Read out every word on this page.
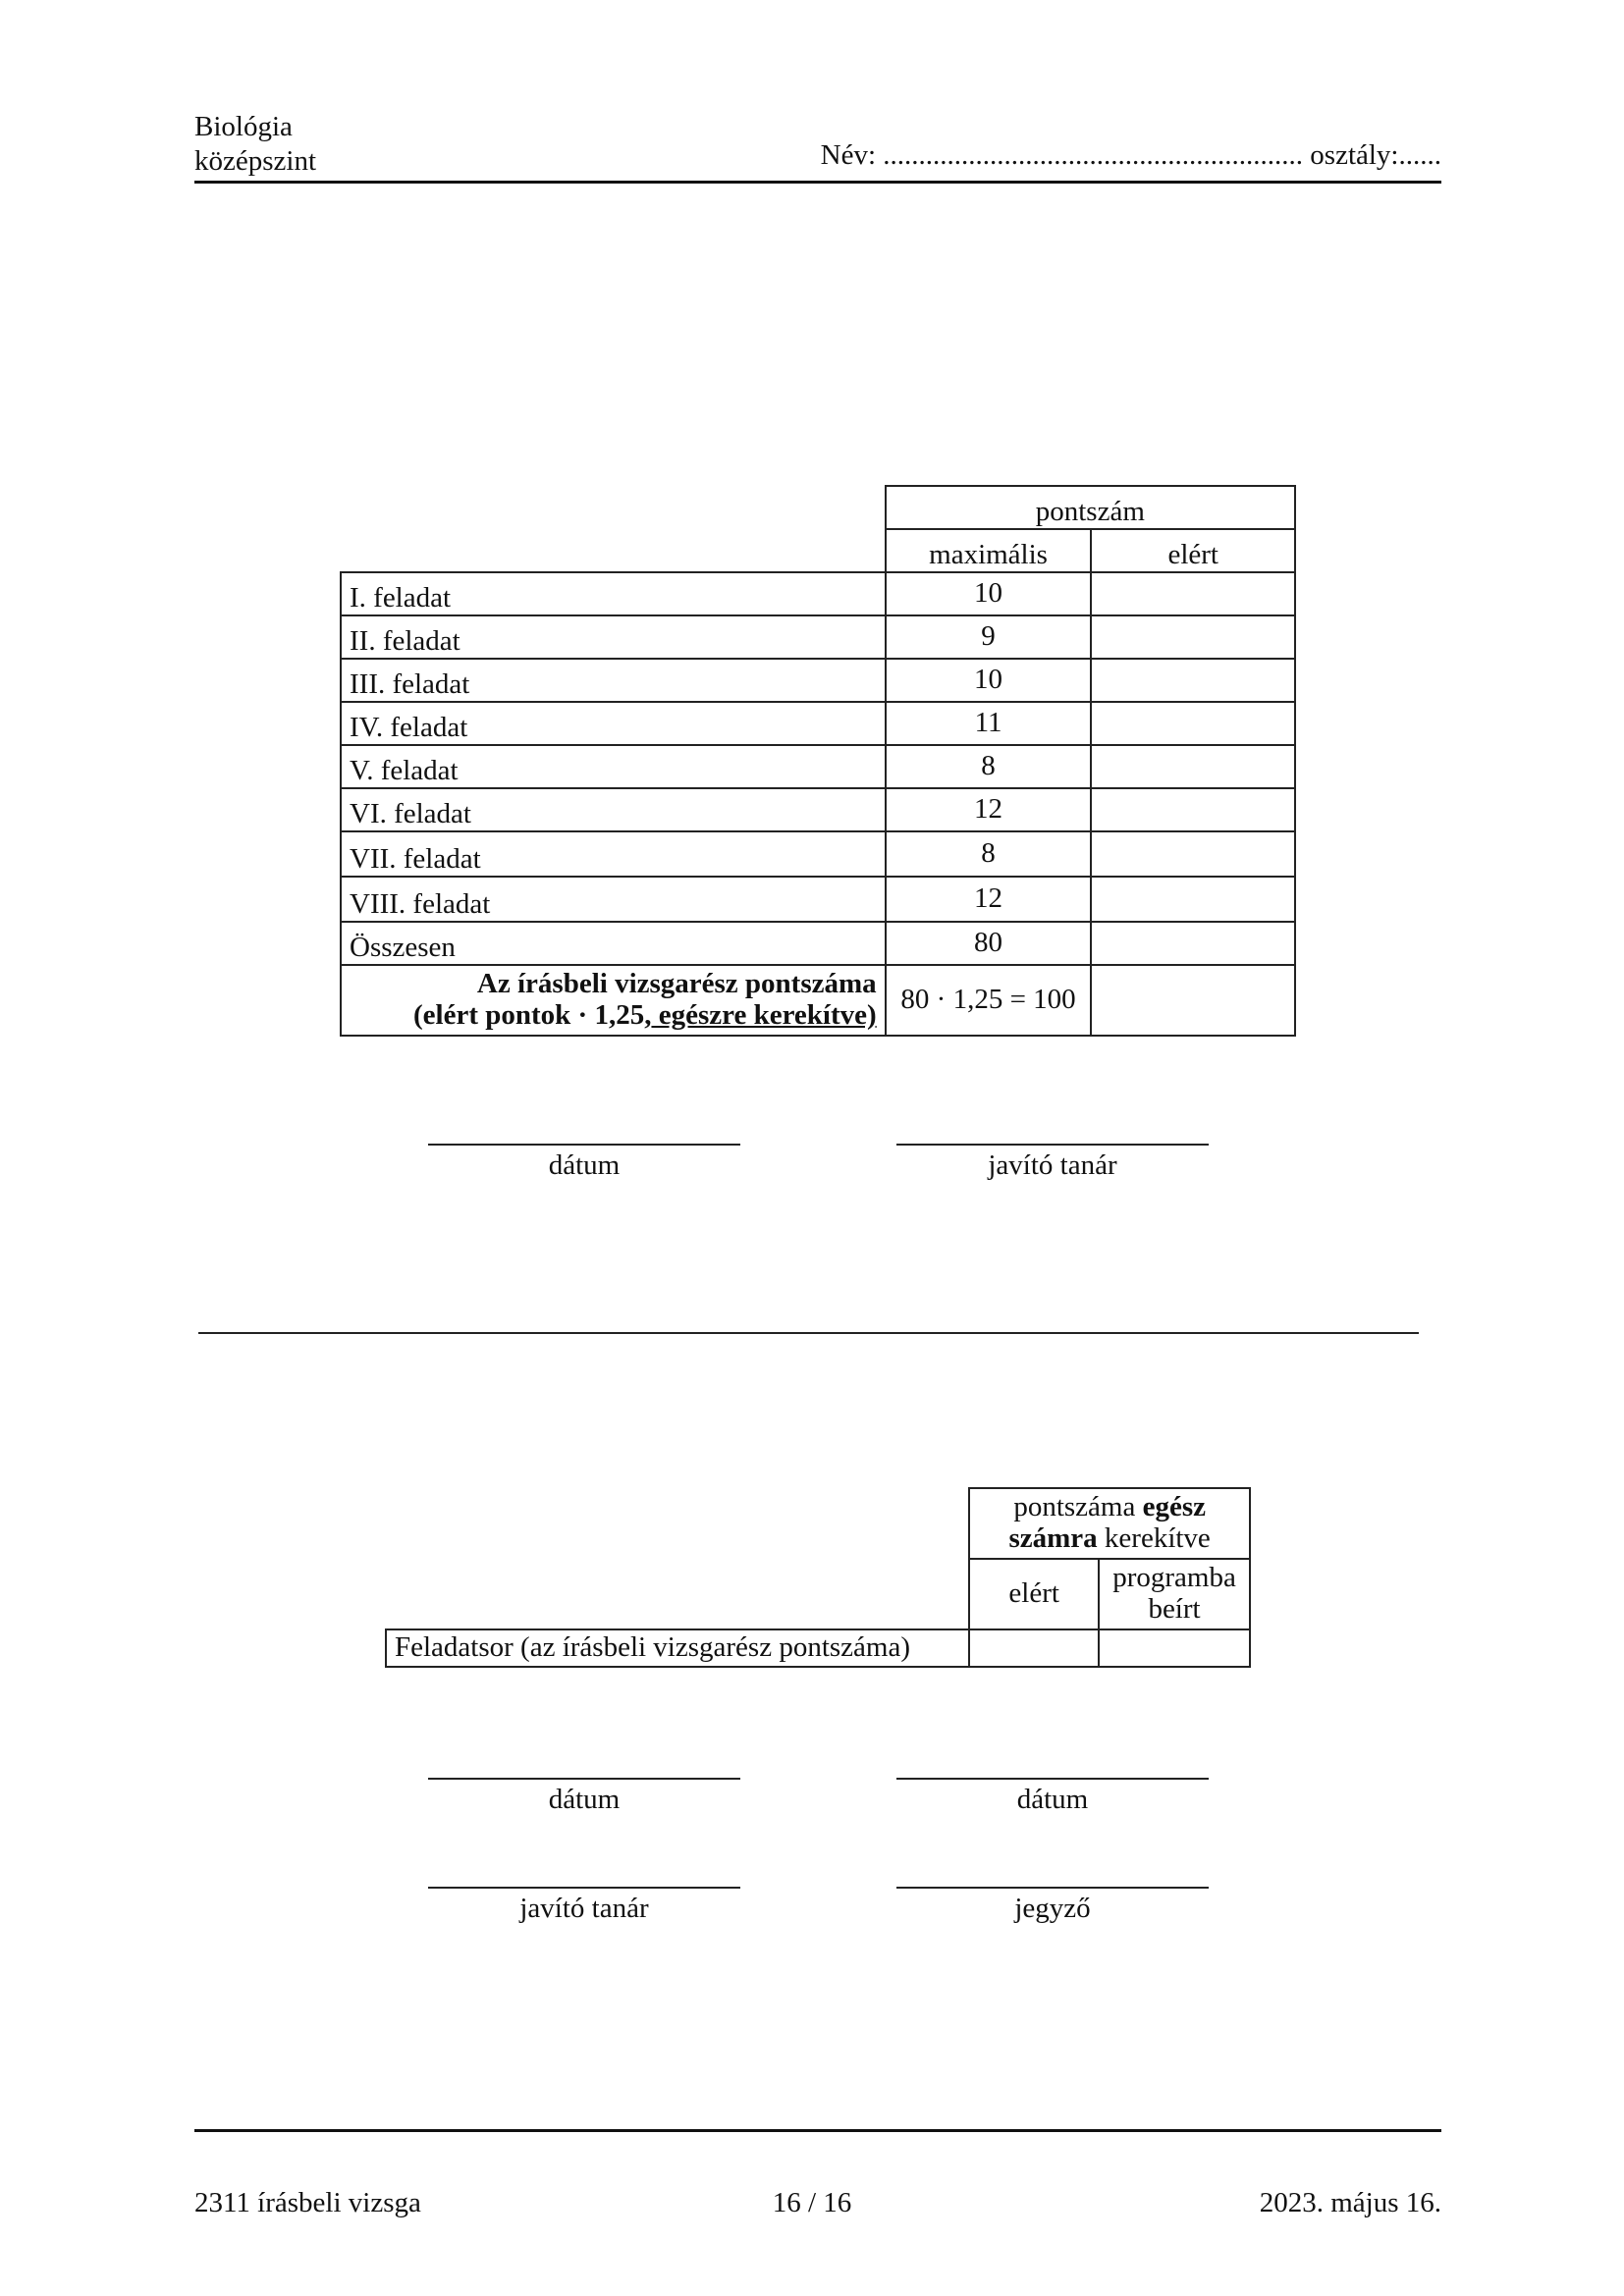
Biológia
középszint	Név: ........................................................... osztály:......
	pontszám	
	maximális	elért
I. feladat	10	
II. feladat	9	
III. feladat	10	
IV. feladat	11	
V. feladat	8	
VI. feladat	12	
VII. feladat	8	
VIII. feladat	12	
Összesen	80	
Az írásbeli vizsgarész pontszáma
(elért pontok · 1,25, egészre kerekítve)	80 · 1,25 = 100	
dátum	javító tanár
	pontszáma egész
számra kerekítve	
	elért	programba
beírt
Feladatsor (az írásbeli vizsgarész pontszáma)		
dátum	dátum
javító tanár	jegyző
2311 írásbeli vizsga	16 / 16	2023. május 16.
